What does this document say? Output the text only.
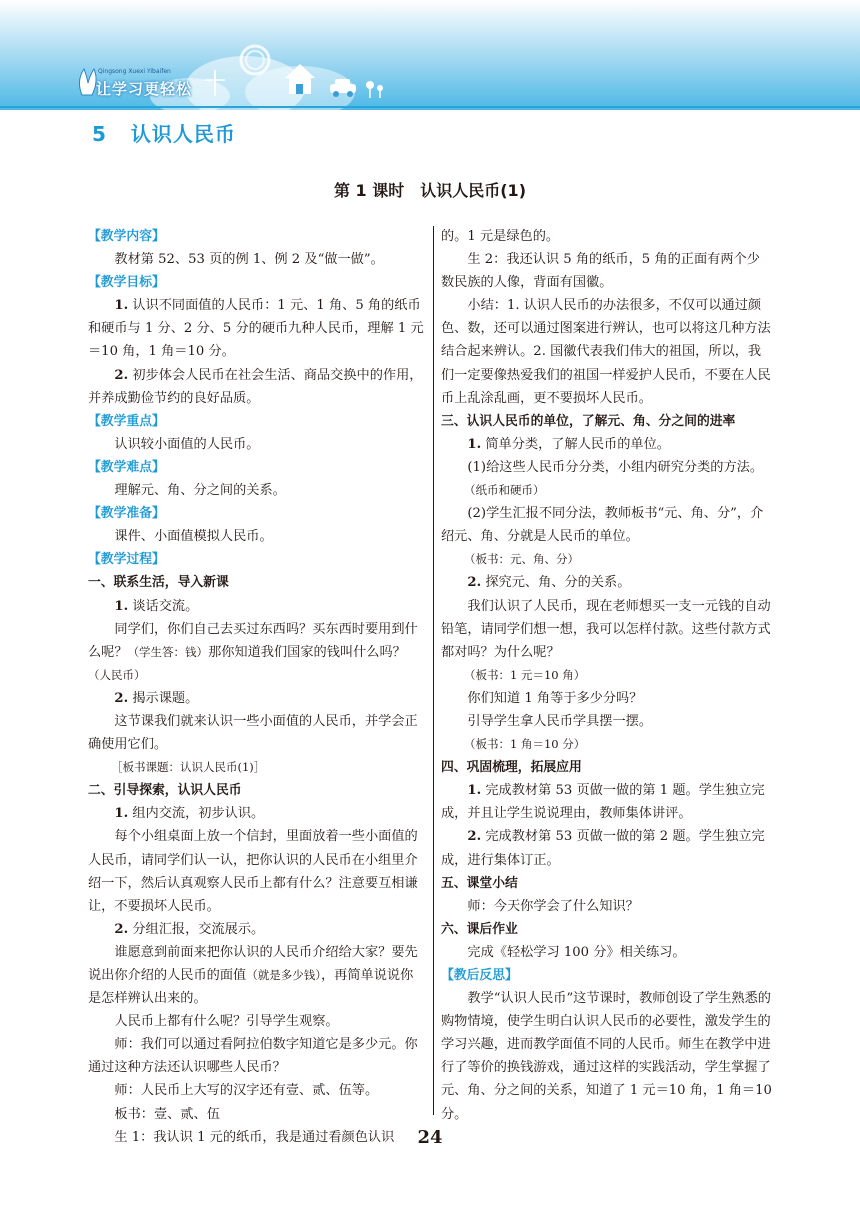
Qingsong Xuexi Yibaifen
让学习更轻松
5 认识人民币
第 1 课时　认识人民币(1)

【教学内容】

教材第 52、53 页的例 1、例 2 及“做一做”。

【教学目标】

1. 认识不同面值的人民币：1 元、1 角、5 角的纸币和硬币与 1 分、2 分、5 分的硬币九种人民币，理解 1 元＝10 角，1 角＝10 分。

2. 初步体会人民币在社会生活、商品交换中的作用，并养成勤俭节约的良好品质。

【教学重点】

认识较小面值的人民币。

【教学难点】

理解元、角、分之间的关系。

【教学准备】

课件、小面值模拟人民币。

【教学过程】

一、联系生活，导入新课

1. 谈话交流。

同学们，你们自己去买过东西吗？买东西时要用到什么呢？（学生答：钱）那你知道我们国家的钱叫什么吗？（人民币）

2. 揭示课题。

这节课我们就来认识一些小面值的人民币，并学会正确使用它们。

［板书课题：认识人民币(1)］

二、引导探索，认识人民币

1. 组内交流，初步认识。

每个小组桌面上放一个信封，里面放着一些小面值的人民币，请同学们认一认，把你认识的人民币在小组里介绍一下，然后认真观察人民币上都有什么？注意要互相谦让，不要损坏人民币。

2. 分组汇报，交流展示。

谁愿意到前面来把你认识的人民币介绍给大家？要先说出你介绍的人民币的面值（就是多少钱），再简单说说你是怎样辨认出来的。

人民币上都有什么呢？引导学生观察。

师：我们可以通过看阿拉伯数字知道它是多少元。你通过这种方法还认识哪些人民币？

师：人民币上大写的汉字还有壹、贰、伍等。

板书：壹、贰、伍

生 1：我认识 1 元的纸币，我是通过看颜色认识

的。1 元是绿色的。

生 2：我还认识 5 角的纸币，5 角的正面有两个少数民族的人像，背面有国徽。

小结：1. 认识人民币的办法很多，不仅可以通过颜色、数，还可以通过图案进行辨认，也可以将这几种方法结合起来辨认。2. 国徽代表我们伟大的祖国，所以，我们一定要像热爱我们的祖国一样爱护人民币，不要在人民币上乱涂乱画，更不要损坏人民币。

三、认识人民币的单位，了解元、角、分之间的进率

1. 简单分类，了解人民币的单位。

(1)给这些人民币分分类，小组内研究分类的方法。

（纸币和硬币）

(2)学生汇报不同分法，教师板书“元、角、分”，介绍元、角、分就是人民币的单位。

（板书：元、角、分）

2. 探究元、角、分的关系。

我们认识了人民币，现在老师想买一支一元钱的自动铅笔，请同学们想一想，我可以怎样付款。这些付款方式都对吗？为什么呢？

（板书：1 元＝10 角）

你们知道 1 角等于多少分吗？

引导学生拿人民币学具摆一摆。

（板书：1 角＝10 分）

四、巩固梳理，拓展应用

1. 完成教材第 53 页做一做的第 1 题。学生独立完成，并且让学生说说理由，教师集体讲评。

2. 完成教材第 53 页做一做的第 2 题。学生独立完成，进行集体订正。

五、课堂小结

师：今天你学会了什么知识？

六、课后作业

完成《轻松学习 100 分》相关练习。

【教后反思】

教学“认识人民币”这节课时，教师创设了学生熟悉的购物情境，使学生明白认识人民币的必要性，激发学生的学习兴趣，进而教学面值不同的人民币。师生在教学中进行了等价的换钱游戏，通过这样的实践活动，学生掌握了元、角、分之间的关系，知道了 1 元＝10 角，1 角＝10 分。

24
